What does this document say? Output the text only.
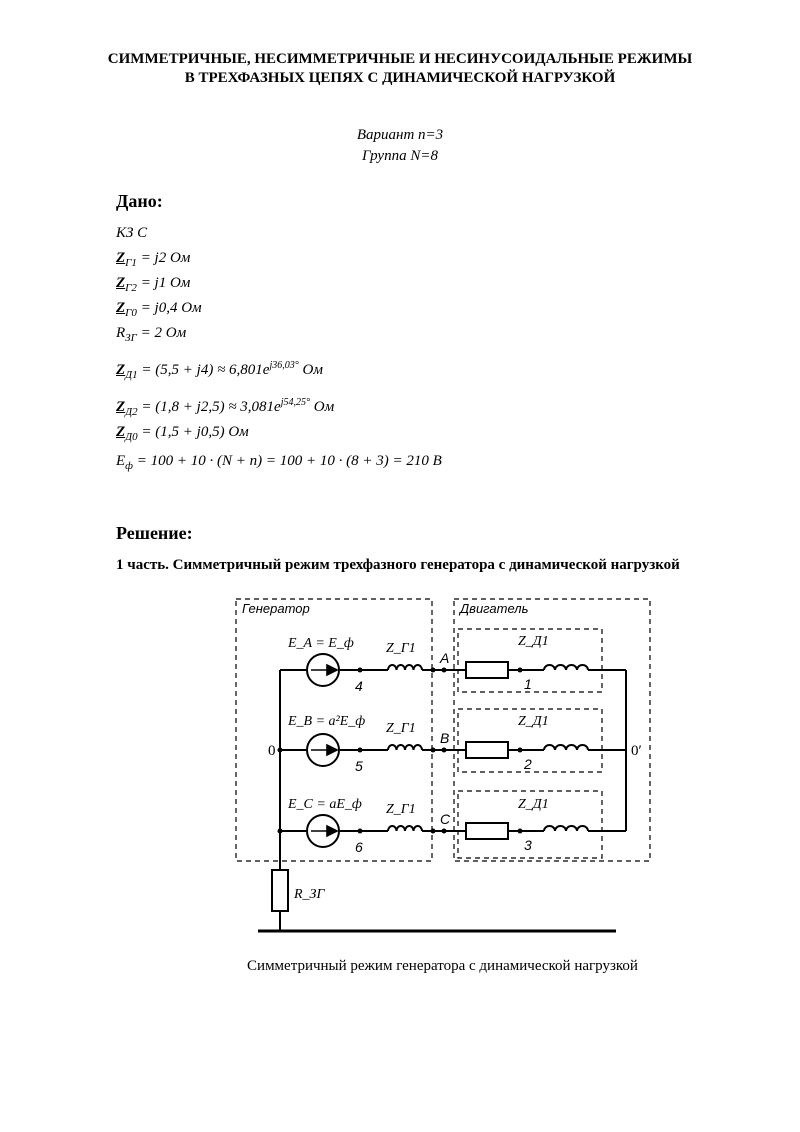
СИММЕТРИЧНЫЕ, НЕСИММЕТРИЧНЫЕ И НЕСИНУСОИДАЛЬНЫЕ РЕЖИМЫ
В ТРЕХФАЗНЫХ ЦЕПЯХ С ДИНАМИЧЕСКОЙ НАГРУЗКОЙ
Вариант n=3
Группа N=8
Дано:
КЗ С
$Z_{Г1} = j2$ Ом
$Z_{Г2} = j1$ Ом
$Z_{Г0} = j0,4$ Ом
$R_{ЗГ} = 2$ Ом
$Z_{Д1} = (5,5 + j4) \approx 6,801e^{j36,03^\circ}$ Ом
$Z_{Д2} = (1,8 + j2,5) \approx 3,081e^{j54,25^\circ}$ Ом
$Z_{Д0} = (1,5 + j0,5)$ Ом
$E_ф = 100 + 10 \cdot (N + n) = 100 + 10 \cdot (8 + 3) = 210$ В
Решение:
1 часть. Симметричный режим трехфазного генератора с динамической нагрузкой
Генератор	Двигатель
E_A = E_ф
E_B = a²E_ф
E_C = aE_ф
Z_Г1
Z_Г1
Z_Г1
Z_Д1
Z_Д1
Z_Д1
R_ЗГ
A
B
C
4
5
6
1
2
3
0	0′
Симметричный режим генератора с динамической нагрузкой
